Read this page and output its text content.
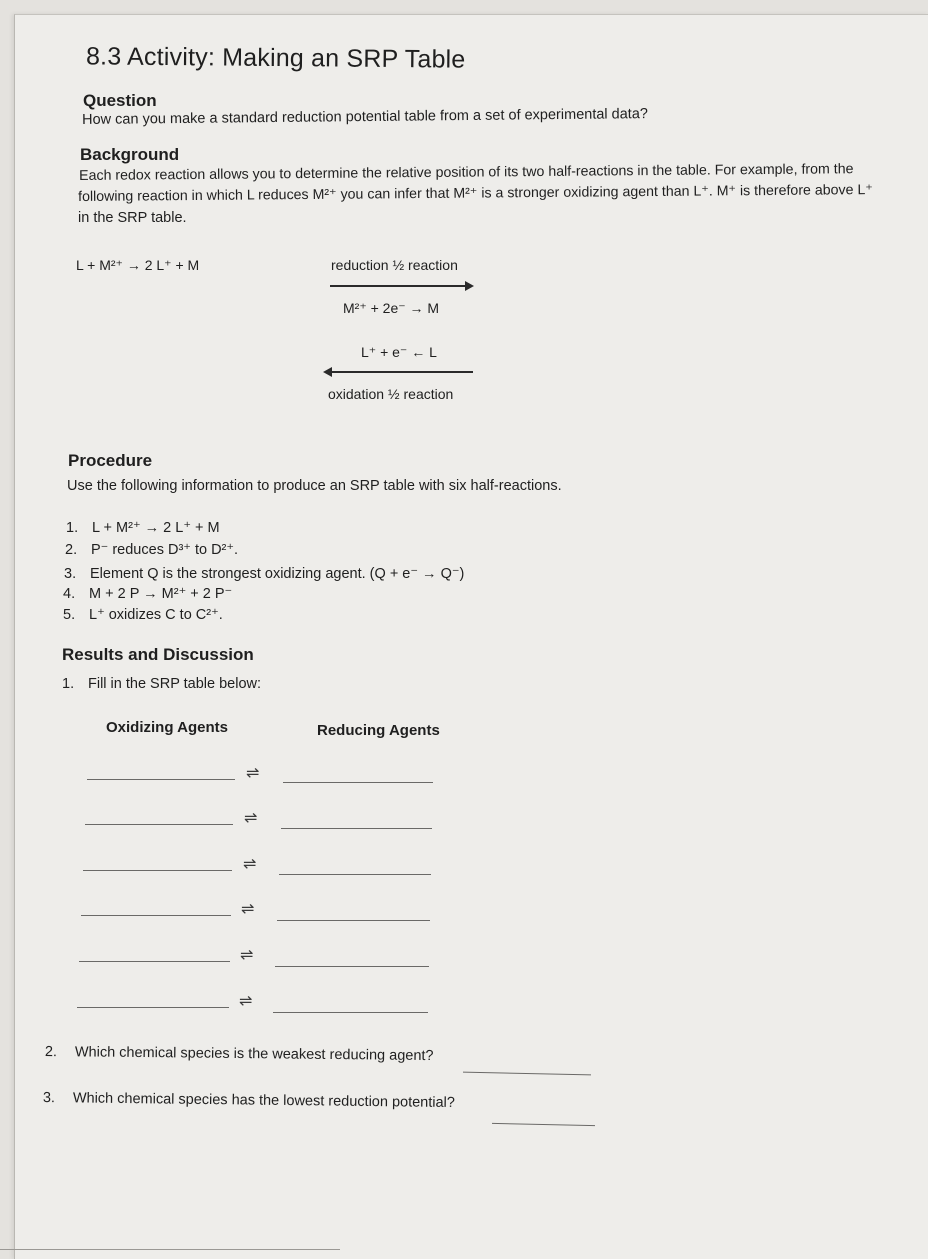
8.3 Activity: Making an SRP Table
Question
How can you make a standard reduction potential table from a set of experimental data?
Background
Each redox reaction allows you to determine the relative position of its two half-reactions in the table. For example, from the
following reaction in which L reduces M²⁺ you can infer that M²⁺ is a stronger oxidizing agent than L⁺. M⁺ is therefore above L⁺
in the SRP table.
L + M²⁺ → 2 L⁺ + M	reduction ½ reaction
M²⁺ + 2e⁻ → M
L⁺ + e⁻ ← L
oxidation ½ reaction
Procedure
Use the following information to produce an SRP table with six half-reactions.
1. L + M²⁺ → 2 L⁺ + M
2. P⁻ reduces D³⁺ to D²⁺.
3. Element Q is the strongest oxidizing agent. (Q + e⁻ → Q⁻)
4. M + 2 P → M²⁺ + 2 P⁻
5. L⁺ oxidizes C to C²⁺.
Results and Discussion
1. Fill in the SRP table below:
Oxidizing Agents	Reducing Agents
⇌
⇌
⇌
⇌
⇌
⇌
2. Which chemical species is the weakest reducing agent?
3. Which chemical species has the lowest reduction potential?
